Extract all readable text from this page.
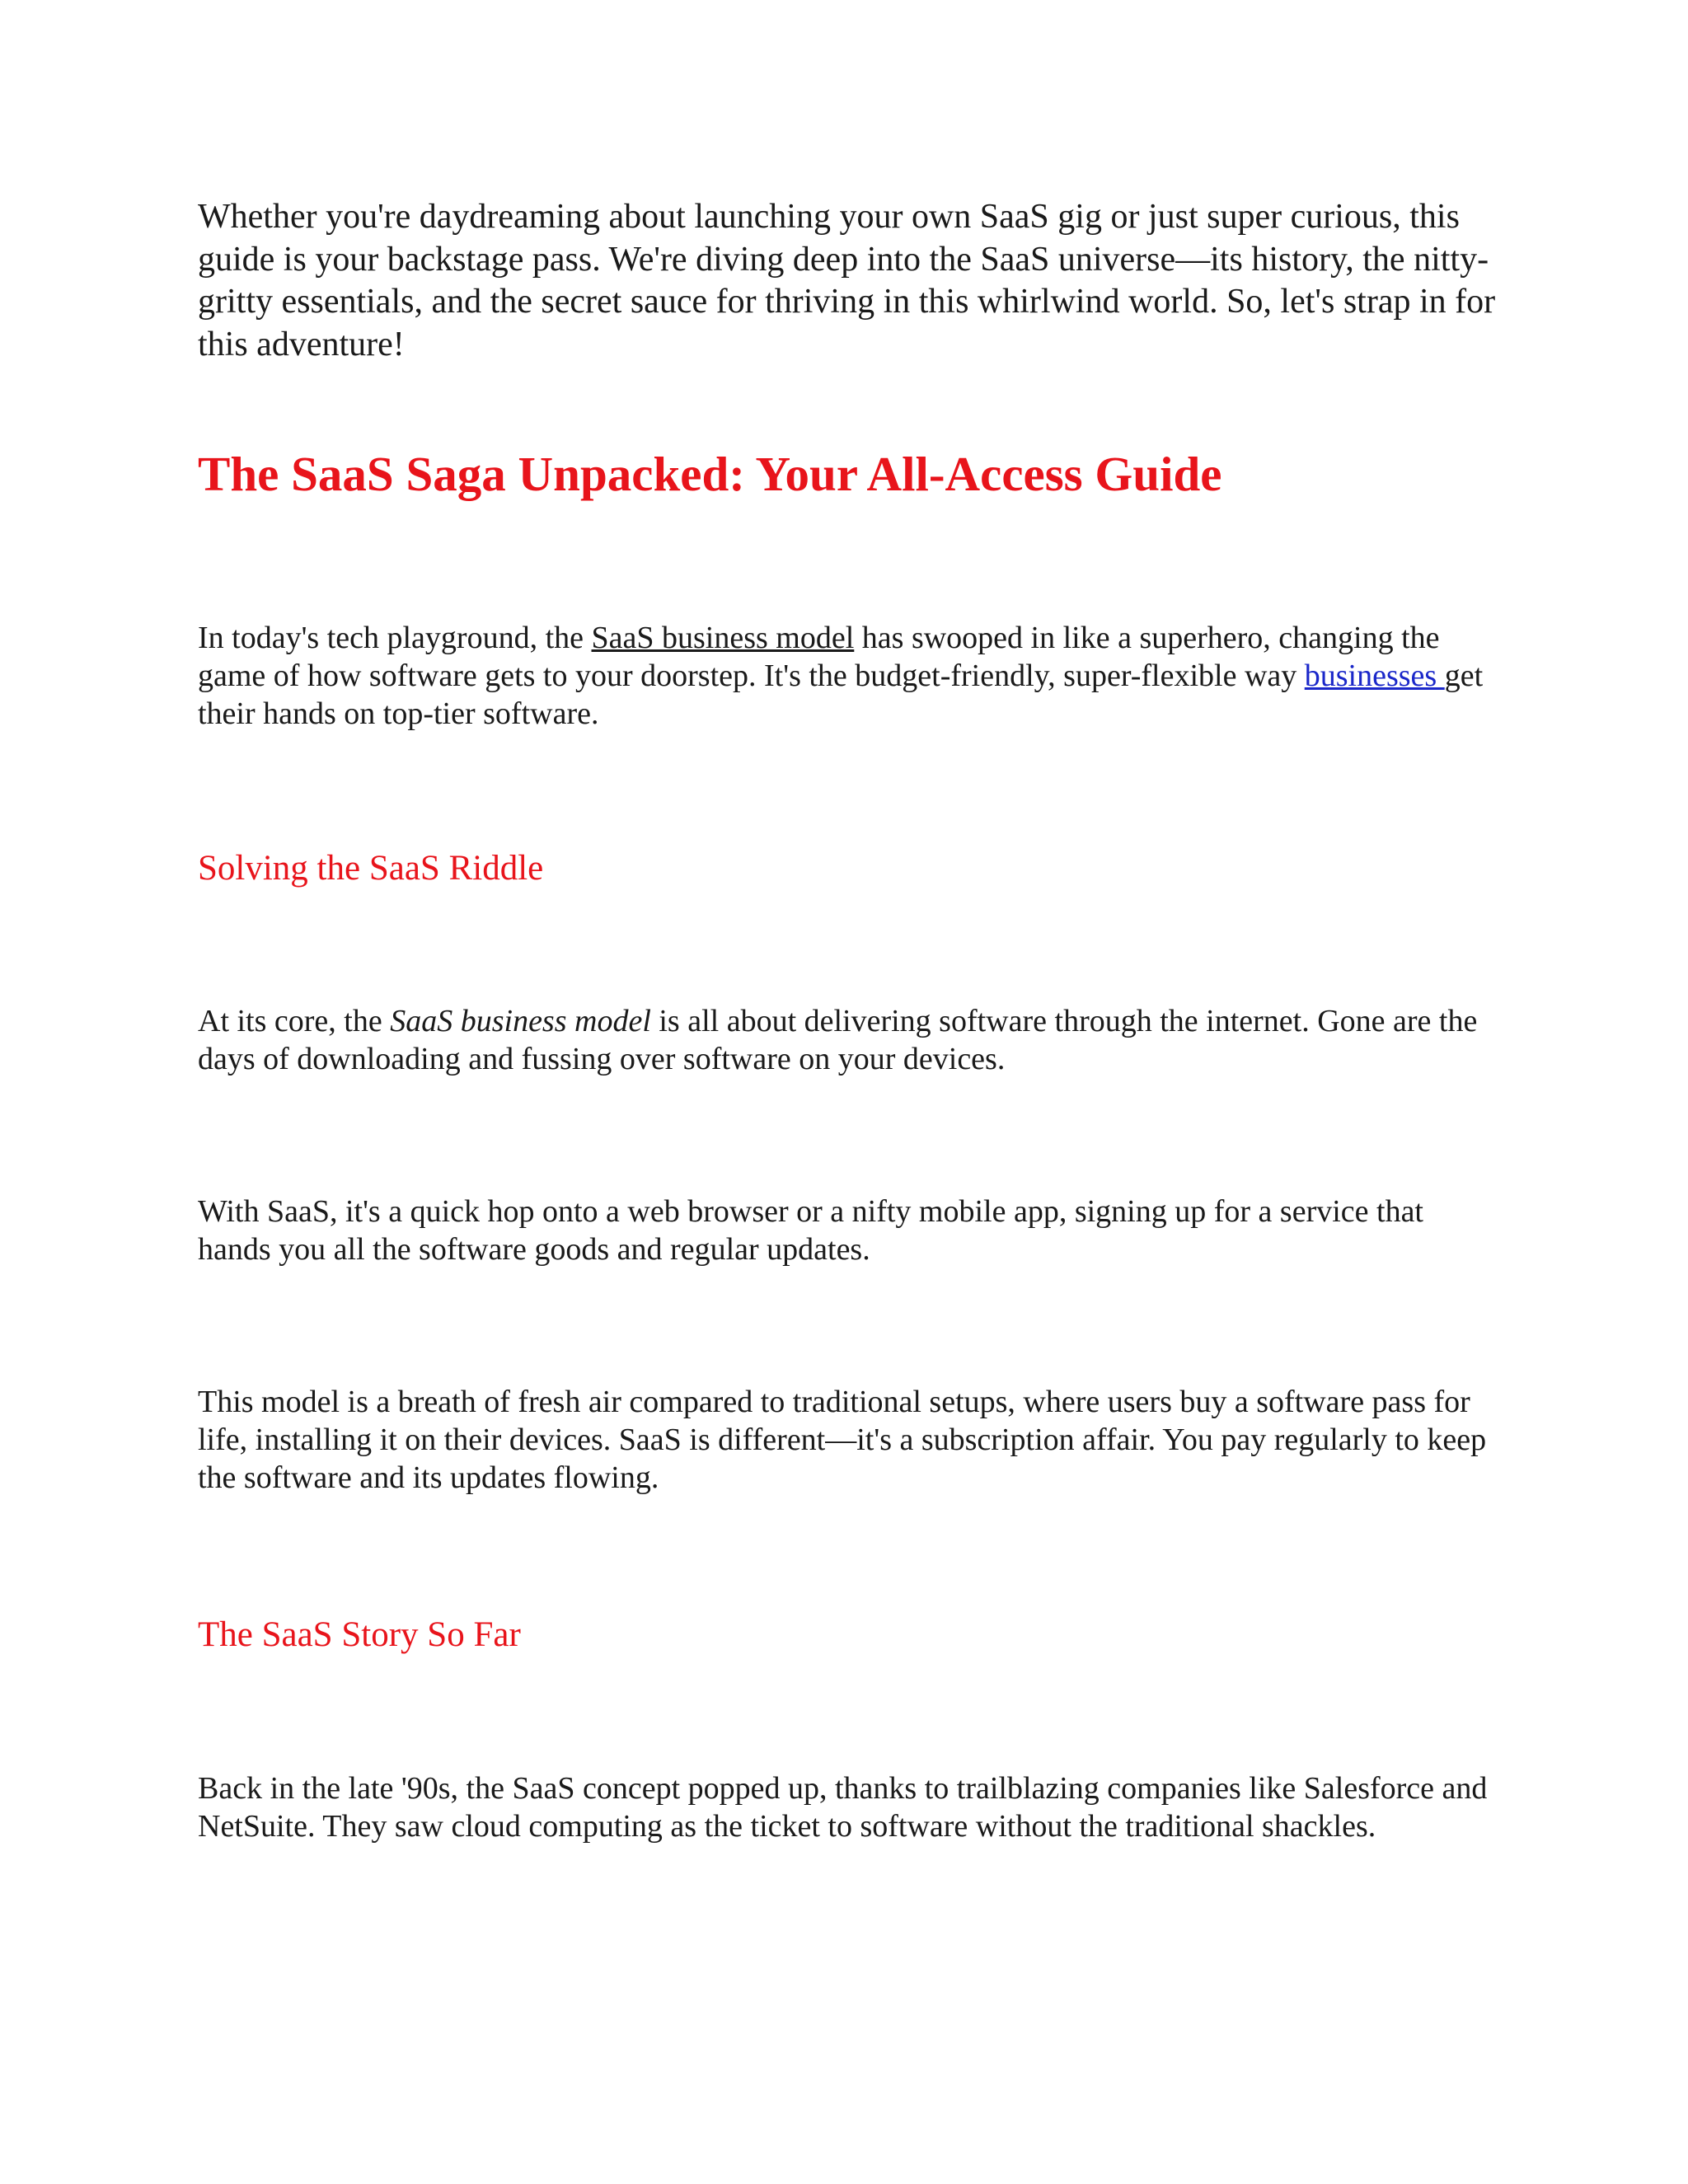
Whether you're daydreaming about launching your own SaaS gig or just super curious, this guide is your backstage pass. We're diving deep into the SaaS universe—its history, the nitty-gritty essentials, and the secret sauce for thriving in this whirlwind world. So, let's strap in for this adventure!

The SaaS Saga Unpacked: Your All-Access Guide

In today's tech playground, the SaaS business model has swooped in like a superhero, changing the game of how software gets to your doorstep. It's the budget-friendly, super-flexible way businesses get their hands on top-tier software.

Solving the SaaS Riddle

At its core, the SaaS business model is all about delivering software through the internet. Gone are the days of downloading and fussing over software on your devices.

With SaaS, it's a quick hop onto a web browser or a nifty mobile app, signing up for a service that hands you all the software goods and regular updates.

This model is a breath of fresh air compared to traditional setups, where users buy a software pass for life, installing it on their devices. SaaS is different—it's a subscription affair. You pay regularly to keep the software and its updates flowing.

The SaaS Story So Far

Back in the late '90s, the SaaS concept popped up, thanks to trailblazing companies like Salesforce and NetSuite. They saw cloud computing as the ticket to software without the traditional shackles.
